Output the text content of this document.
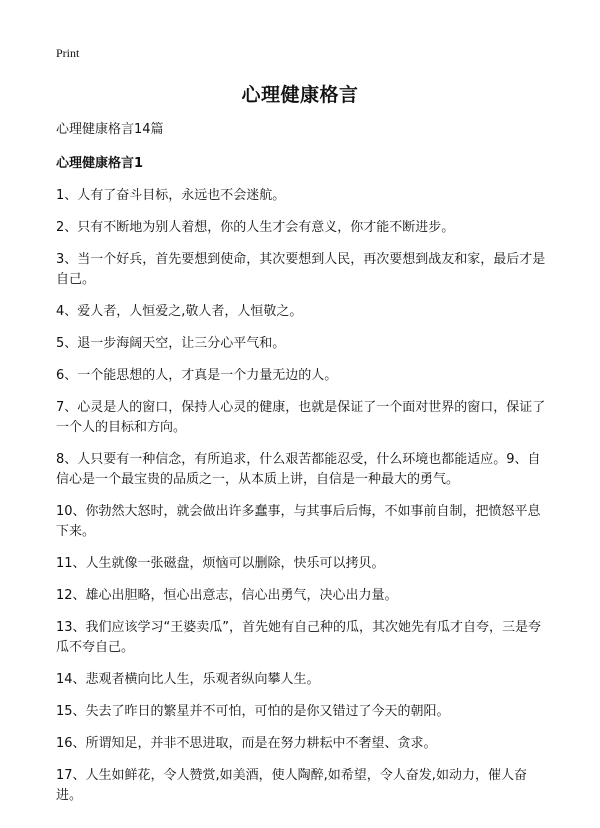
Print
心理健康格言

心理健康格言14篇

心理健康格言1

1、人有了奋斗目标，永远也不会迷航。

2、只有不断地为别人着想，你的人生才会有意义，你才能不断进步。

3、当一个好兵，首先要想到使命，其次要想到人民，再次要想到战友和家，最后才是自己。

4、爱人者，人恒爱之,敬人者，人恒敬之。

5、退一步海阔天空，让三分心平气和。

6、一个能思想的人，才真是一个力量无边的人。

7、心灵是人的窗口，保持人心灵的健康，也就是保证了一个面对世界的窗口，保证了一个人的目标和方向。

8、人只要有一种信念，有所追求，什么艰苦都能忍受，什么环境也都能适应。9、自信心是一个最宝贵的品质之一，从本质上讲，自信是一种最大的勇气。

10、你勃然大怒时，就会做出许多蠢事，与其事后后悔，不如事前自制，把愤怒平息下来。

11、人生就像一张磁盘，烦恼可以删除，快乐可以拷贝。

12、雄心出胆略，恒心出意志，信心出勇气，决心出力量。

13、我们应该学习“王婆卖瓜”，首先她有自己种的瓜，其次她先有瓜才自夸，三是夸瓜不夸自己。

14、悲观者横向比人生，乐观者纵向攀人生。

15、失去了昨日的繁星并不可怕，可怕的是你又错过了今天的朝阳。

16、所谓知足，并非不思进取，而是在努力耕耘中不奢望、贪求。

17、人生如鲜花，令人赞赏,如美酒，使人陶醉,如希望，令人奋发,如动力，催人奋进。
